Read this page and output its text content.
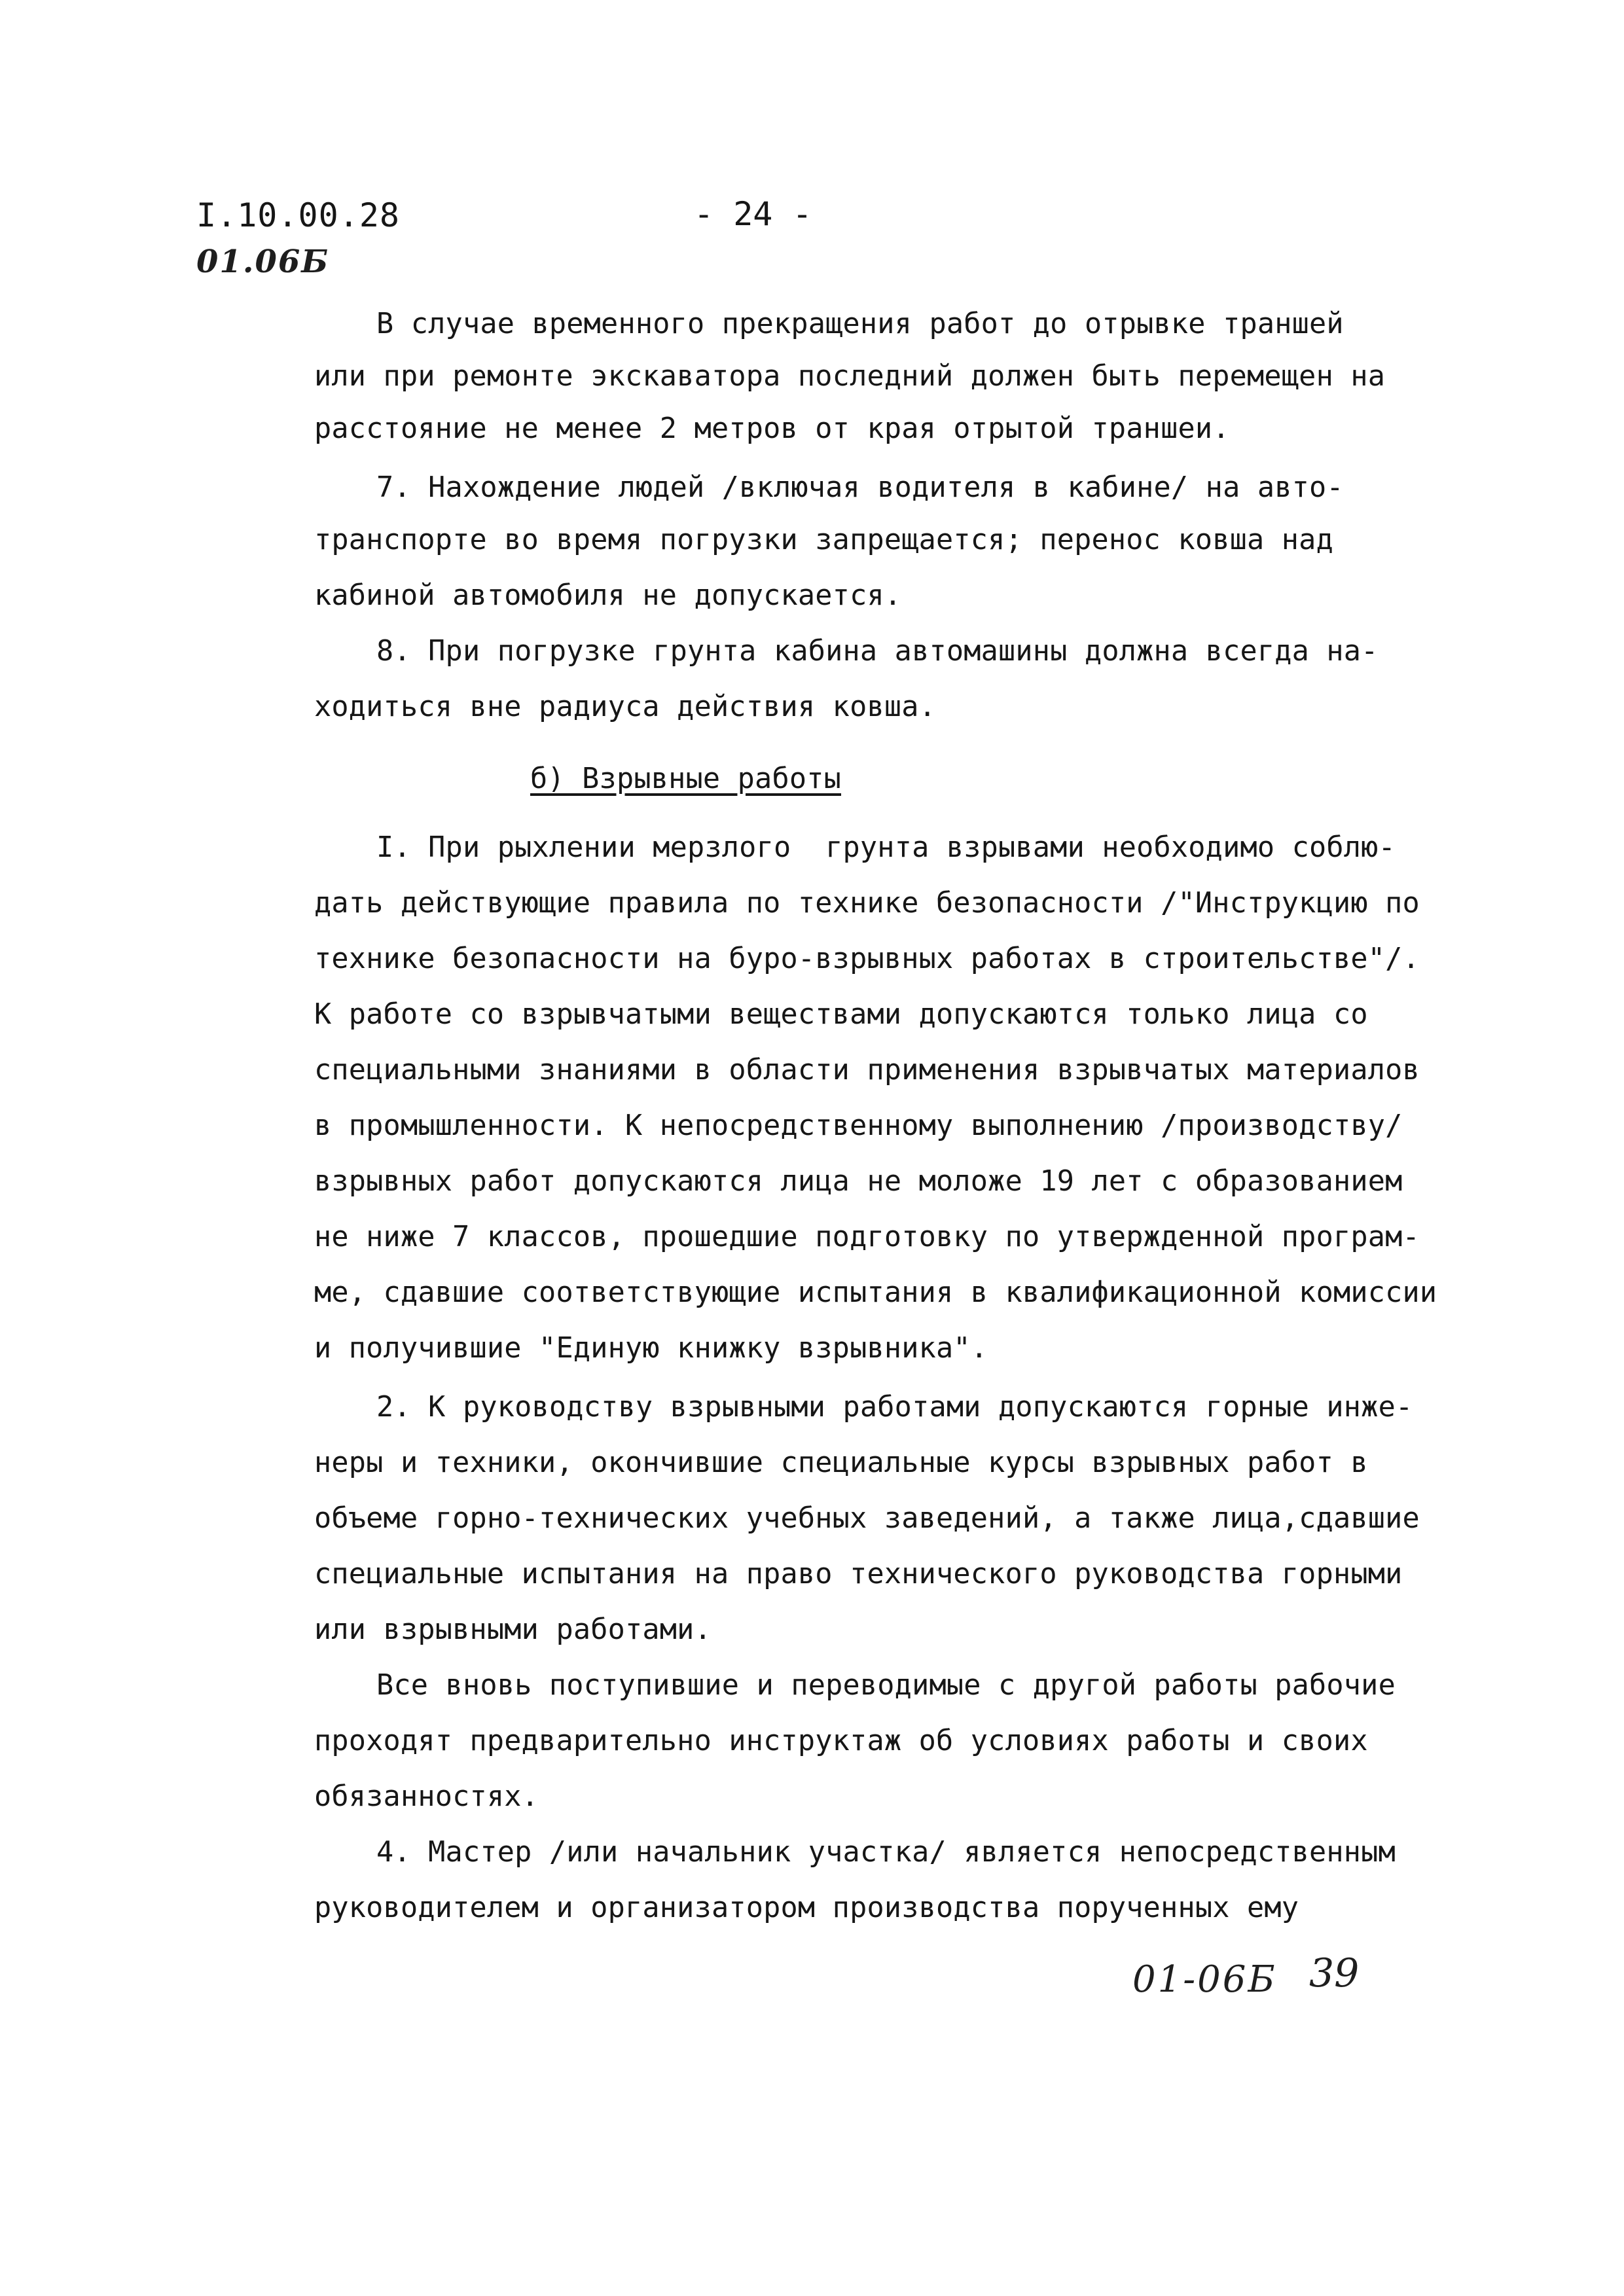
I.10.00.28
01.06Б
- 24 -
В случае временного прекращения работ до отрывке траншей
или при ремонте экскаватора последний должен быть перемещен на
расстояние не менее 2 метров от края отрытой траншеи.
7. Нахождение людей /включая водителя в кабине/ на авто-
транспорте во время погрузки запрещается; перенос ковша над
кабиной автомобиля не допускается.
8. При погрузке грунта кабина автомашины должна всегда на-
ходиться вне радиуса действия ковша.
б) Взрывные работы
I. При рыхлении мерзлого  грунта взрывами необходимо соблю-
дать действующие правила по технике безопасности /"Инструкцию по
технике безопасности на буро-взрывных работах в строительстве"/.
К работе со взрывчатыми веществами допускаются только лица со
специальными знаниями в области применения взрывчатых материалов
в промышленности. К непосредственному выполнению /производству/
взрывных работ допускаются лица не моложе 19 лет с образованием
не ниже 7 классов, прошедшие подготовку по утвержденной програм-
ме, сдавшие соответствующие испытания в квалификационной комиссии
и получившие "Единую книжку взрывника".
2. К руководству взрывными работами допускаются горные инже-
неры и техники, окончившие специальные курсы взрывных работ в
объеме горно-технических учебных заведений, а также лица,сдавшие
специальные испытания на право технического руководства горными
или взрывными работами.
Все вновь поступившие и переводимые с другой работы рабочие
проходят предварительно инструктаж об условиях работы и своих
обязанностях.
4. Мастер /или начальник участка/ является непосредственным
руководителем и организатором производства порученных ему
01-06Б 39
